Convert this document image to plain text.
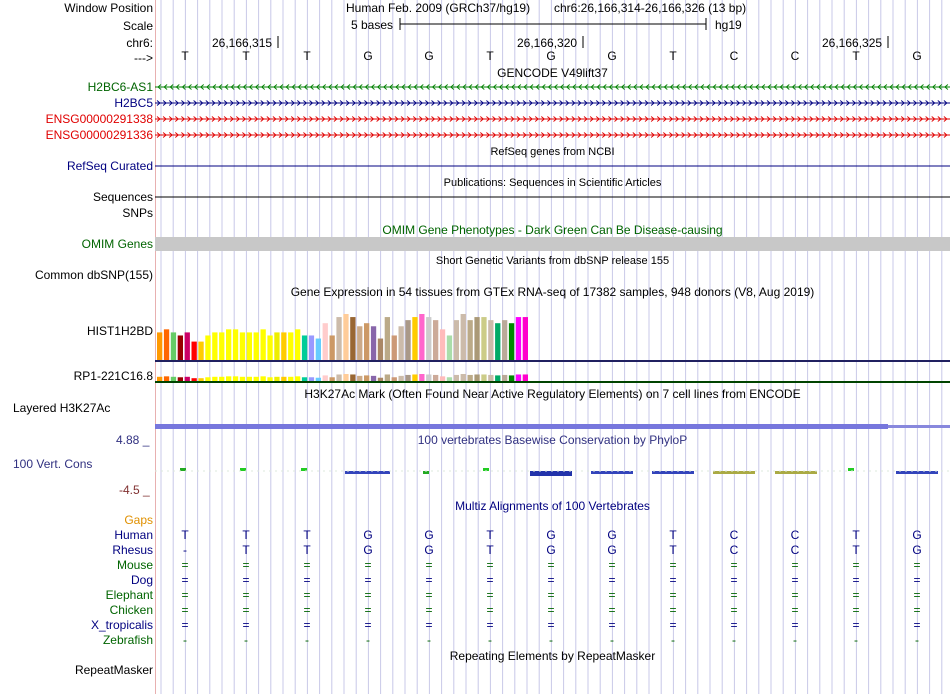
Window Position	Human Feb. 2009 (GRCh37/hg19) chr6:26,166,314-26,166,326 (13 bp)
Scale	5 bases	hg19
chr6:	26,166,315	26,166,320	26,166,325
--->
GENCODE V49lift37
H2BC6-AS1
H2BC5
ENSG00000291338
ENSG00000291336
RefSeq genes from NCBI
RefSeq Curated
Publications: Sequences in Scientific Articles
Sequences
SNPs
OMIM Gene Phenotypes - Dark Green Can Be Disease-causing
OMIM Genes
Short Genetic Variants from dbSNP release 155
Common dbSNP(155)
Gene Expression in 54 tissues from GTEx RNA-seq of 17382 samples, 948 donors (V8, Aug 2019)
HIST1H2BD
RP1-221C16.8
H3K27Ac Mark (Often Found Near Active Regulatory Elements) on 7 cell lines from ENCODE
Layered H3K27Ac
4.88 _	100 vertebrates Basewise Conservation by PhyloP
100 Vert. Cons
-4.5 _
Multiz Alignments of 100 Vertebrates
Gaps
Human	T	T	T	G	G	T	G	G	T	C	C	T	G
Rhesus	-	T	T	G	G	T	G	G	T	C	C	T	G
Mouse	=	=	=	=	=	=	=	=	=	=	=	=	=
Dog	=	=	=	=	=	=	=	=	=	=	=	=	=
Elephant	=	=	=	=	=	=	=	=	=	=	=	=	=
Chicken	=	=	=	=	=	=	=	=	=	=	=	=	=
X_tropicalis	=	=	=	=	=	=	=	=	=	=	=	=	=
Zebrafish	-	-	-	-	-	-	-	-	-	-	-	-	-
Repeating Elements by RepeatMasker
RepeatMasker
T	T	T	G	G	T	G	G	T	C	C	T	G
